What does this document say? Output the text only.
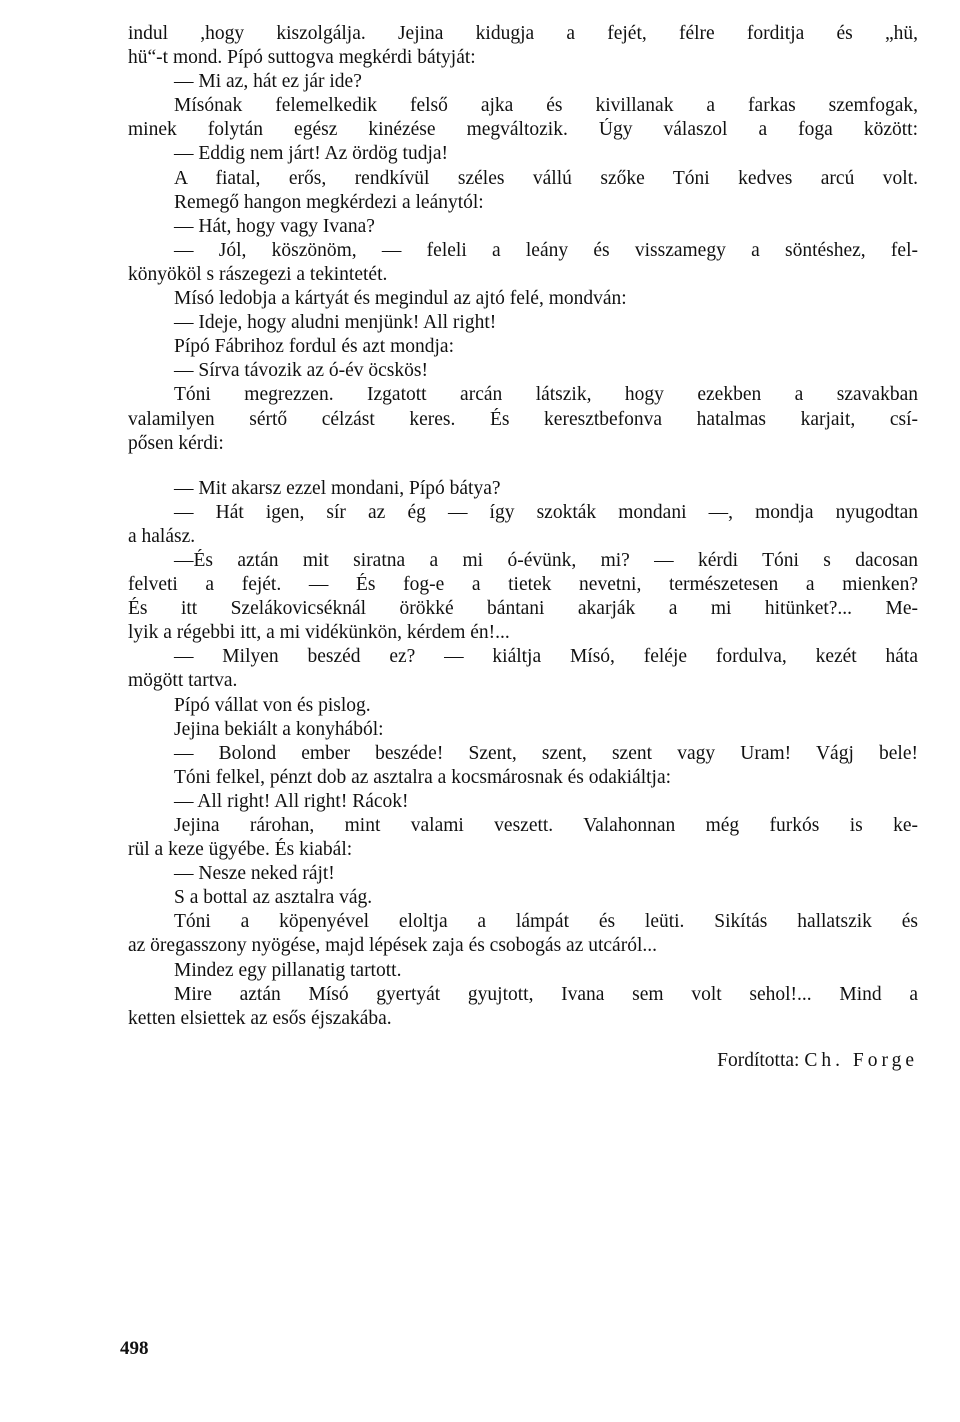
indul ,hogy kiszolgálja. Jejina kidugja a fejét, félre forditja és „hü,
hü“-t mond. Pípó suttogva megkérdi bátyját:
— Mi az, hát ez jár ide?
Mísónak felemelkedik felső ajka és kivillanak a farkas szemfogak,
minek folytán egész kinézése megváltozik. Úgy válaszol a foga között:
— Eddig nem járt! Az ördög tudja!
A fiatal, erős, rendkívül széles vállú szőke Tóni kedves arcú volt.
Remegő hangon megkérdezi a leánytól:
— Hát, hogy vagy Ivana?
— Jól, köszönöm, — feleli a leány és visszamegy a söntéshez, fel-
könyököl s rászegezi a tekintetét.
Mísó ledobja a kártyát és megindul az ajtó felé, mondván:
— Ideje, hogy aludni menjünk! All right!
Pípó Fábrihoz fordul és azt mondja:
— Sírva távozik az ó-év öcskös!
Tóni megrezzen. Izgatott arcán látszik, hogy ezekben a szavakban
valamilyen sértő célzást keres. És keresztbefonva hatalmas karjait, csí-
pősen kérdi:
— Mit akarsz ezzel mondani, Pípó bátya?
— Hát igen, sír az ég — így szokták mondani —, mondja nyugodtan
a halász.
—És aztán mit siratna a mi ó-évünk, mi? — kérdi Tóni s dacosan
felveti a fejét. — És fog-e a tietek nevetni, természetesen a mienken?
És itt Szelákovicséknál örökké bántani akarják a mi hitünket?... Me-
lyik a régebbi itt, a mi vidékünkön, kérdem én!...
— Milyen beszéd ez? — kiáltja Mísó, feléje fordulva, kezét háta
mögött tartva.
Pípó vállat von és pislog.
Jejina bekiált a konyhából:
— Bolond ember beszéde! Szent, szent, szent vagy Uram! Vágj bele!
Tóni felkel, pénzt dob az asztalra a kocsmárosnak és odakiáltja:
— All right! All right! Rácok!
Jejina rárohan, mint valami veszett. Valahonnan még furkós is ke-
rül a keze ügyébe. És kiabál:
— Nesze neked rájt!
S a bottal az asztalra vág.
Tóni a köpenyével eloltja a lámpát és leüti. Sikítás hallatszik és
az öregasszony nyögése, majd lépések zaja és csobogás az utcáról...
Mindez egy pillanatig tartott.
Mire aztán Mísó gyertyát gyujtott, Ivana sem volt sehol!... Mind a
ketten elsiettek az esős éjszakába.
Fordította: Ch. Forge
498
